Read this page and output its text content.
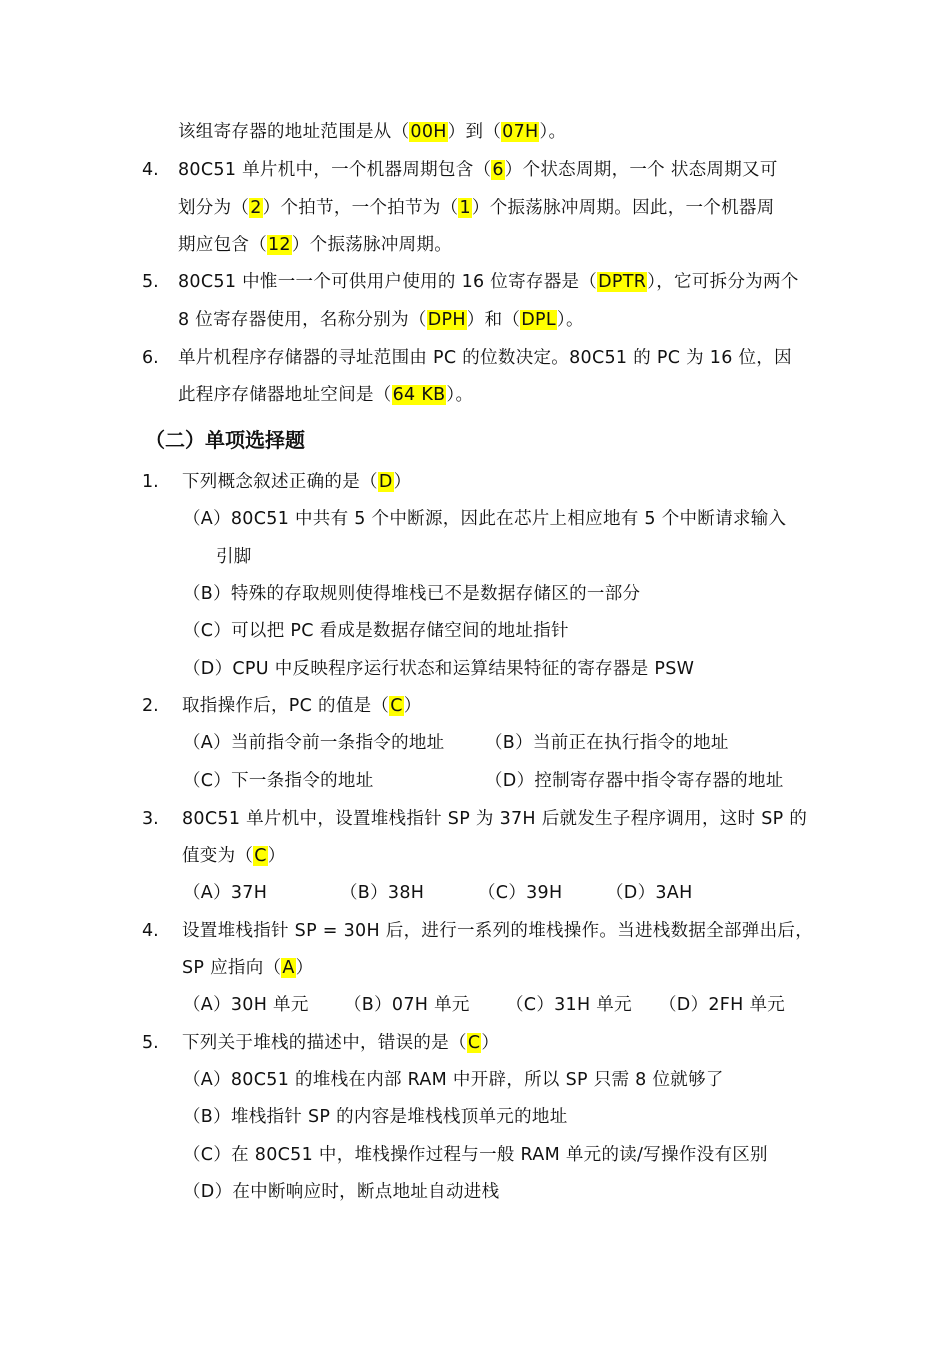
该组寄存器的地址范围是从（00H）到（07H）。
4. 80C51 单片机中，一个机器周期包含（6）个状态周期，一个 状态周期又可
划分为（2）个拍节，一个拍节为（1）个振荡脉冲周期。因此，一个机器周
期应包含（12）个振荡脉冲周期。
5. 80C51 中惟一一个可供用户使用的 16 位寄存器是（DPTR），它可拆分为两个
8 位寄存器使用，名称分别为（DPH）和（DPL）。
6. 单片机程序存储器的寻址范围由 PC 的位数决定。80C51 的 PC 为 16 位，因
此程序存储器地址空间是（64 KB）。
（二）单项选择题
1. 下列概念叙述正确的是（D）
（A）80C51 中共有 5 个中断源，因此在芯片上相应地有 5 个中断请求输入
引脚
（B）特殊的存取规则使得堆栈已不是数据存储区的一部分
（C）可以把 PC 看成是数据存储空间的地址指针
（D）CPU 中反映程序运行状态和运算结果特征的寄存器是 PSW
2. 取指操作后，PC 的值是（C）
（A）当前指令前一条指令的地址 （B）当前正在执行指令的地址
（C）下一条指令的地址	（D）控制寄存器中指令寄存器的地址
3. 80C51 单片机中，设置堆栈指针 SP 为 37H 后就发生子程序调用，这时 SP 的
值变为（C）
（A）37H	（B）38H	（C）39H （D）3AH
4. 设置堆栈指针 SP = 30H 后，进行一系列的堆栈操作。当进栈数据全部弹出后，
SP 应指向（A）
（A）30H 单元 （B）07H 单元 （C）31H 单元 （D）2FH 单元
5. 下列关于堆栈的描述中，错误的是（C）
（A）80C51 的堆栈在内部 RAM 中开辟，所以 SP 只需 8 位就够了
（B）堆栈指针 SP 的内容是堆栈栈顶单元的地址
（C）在 80C51 中，堆栈操作过程与一般 RAM 单元的读/写操作没有区别
（D）在中断响应时，断点地址自动进栈
